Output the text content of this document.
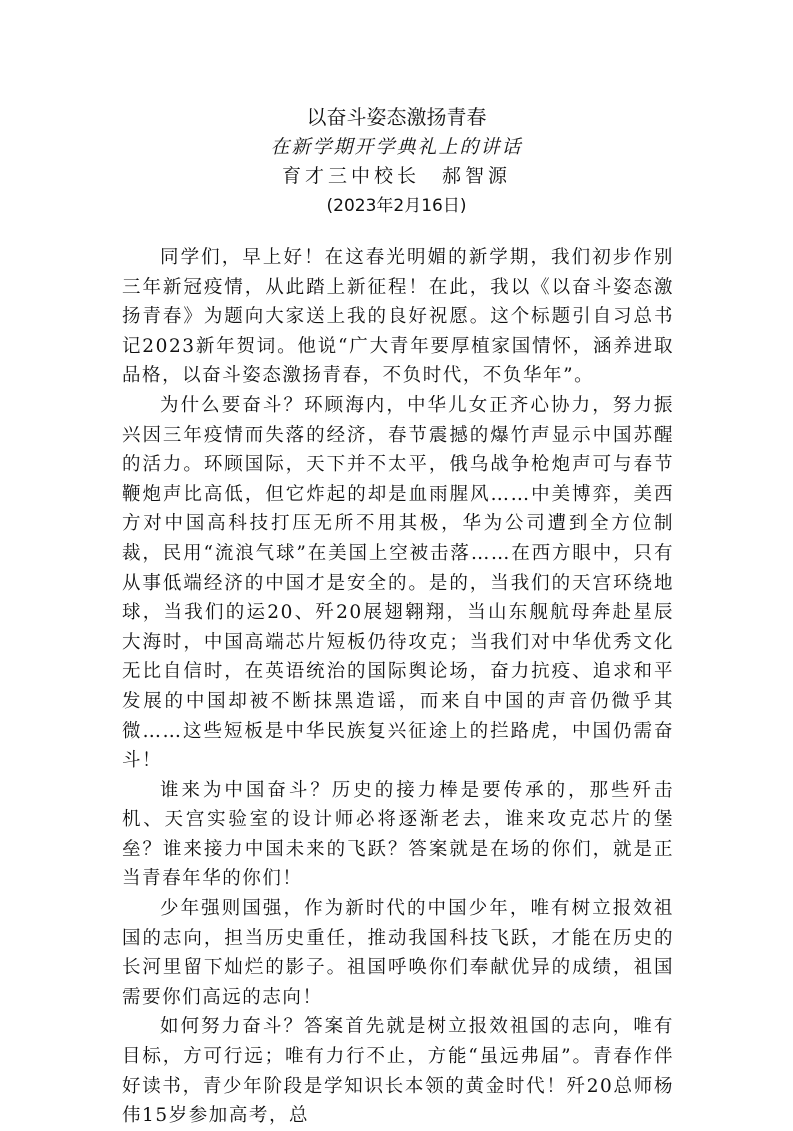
以奋斗姿态激扬青春
在新学期开学典礼上的讲话
育才三中校长 郝智源
(2023年2月16日)

同学们，早上好！在这春光明媚的新学期，我们初步作别三年新冠疫情，从此踏上新征程！在此，我以《以奋斗姿态激扬青春》为题向大家送上我的良好祝愿。这个标题引自习总书记2023新年贺词。他说“广大青年要厚植家国情怀，涵养进取品格，以奋斗姿态激扬青春，不负时代，不负华年”。

为什么要奋斗？环顾海内，中华儿女正齐心协力，努力振兴因三年疫情而失落的经济，春节震撼的爆竹声显示中国苏醒的活力。环顾国际，天下并不太平，俄乌战争枪炮声可与春节鞭炮声比高低，但它炸起的却是血雨腥风……中美博弈，美西方对中国高科技打压无所不用其极，华为公司遭到全方位制裁，民用“流浪气球”在美国上空被击落……在西方眼中，只有从事低端经济的中国才是安全的。是的，当我们的天宫环绕地球，当我们的运20、歼20展翅翱翔，当山东舰航母奔赴星辰大海时，中国高端芯片短板仍待攻克；当我们对中华优秀文化无比自信时，在英语统治的国际舆论场，奋力抗疫、追求和平发展的中国却被不断抹黑造谣，而来自中国的声音仍微乎其微……这些短板是中华民族复兴征途上的拦路虎，中国仍需奋斗！

谁来为中国奋斗？历史的接力棒是要传承的，那些歼击机、天宫实验室的设计师必将逐渐老去，谁来攻克芯片的堡垒？谁来接力中国未来的飞跃？答案就是在场的你们，就是正当青春年华的你们！

少年强则国强，作为新时代的中国少年，唯有树立报效祖国的志向，担当历史重任，推动我国科技飞跃，才能在历史的长河里留下灿烂的影子。祖国呼唤你们奉献优异的成绩，祖国需要你们高远的志向！

如何努力奋斗？答案首先就是树立报效祖国的志向，唯有目标，方可行远；唯有力行不止，方能“虽远弗届”。青春作伴好读书，青少年阶段是学知识长本领的黄金时代！歼20总师杨伟15岁参加高考，总
